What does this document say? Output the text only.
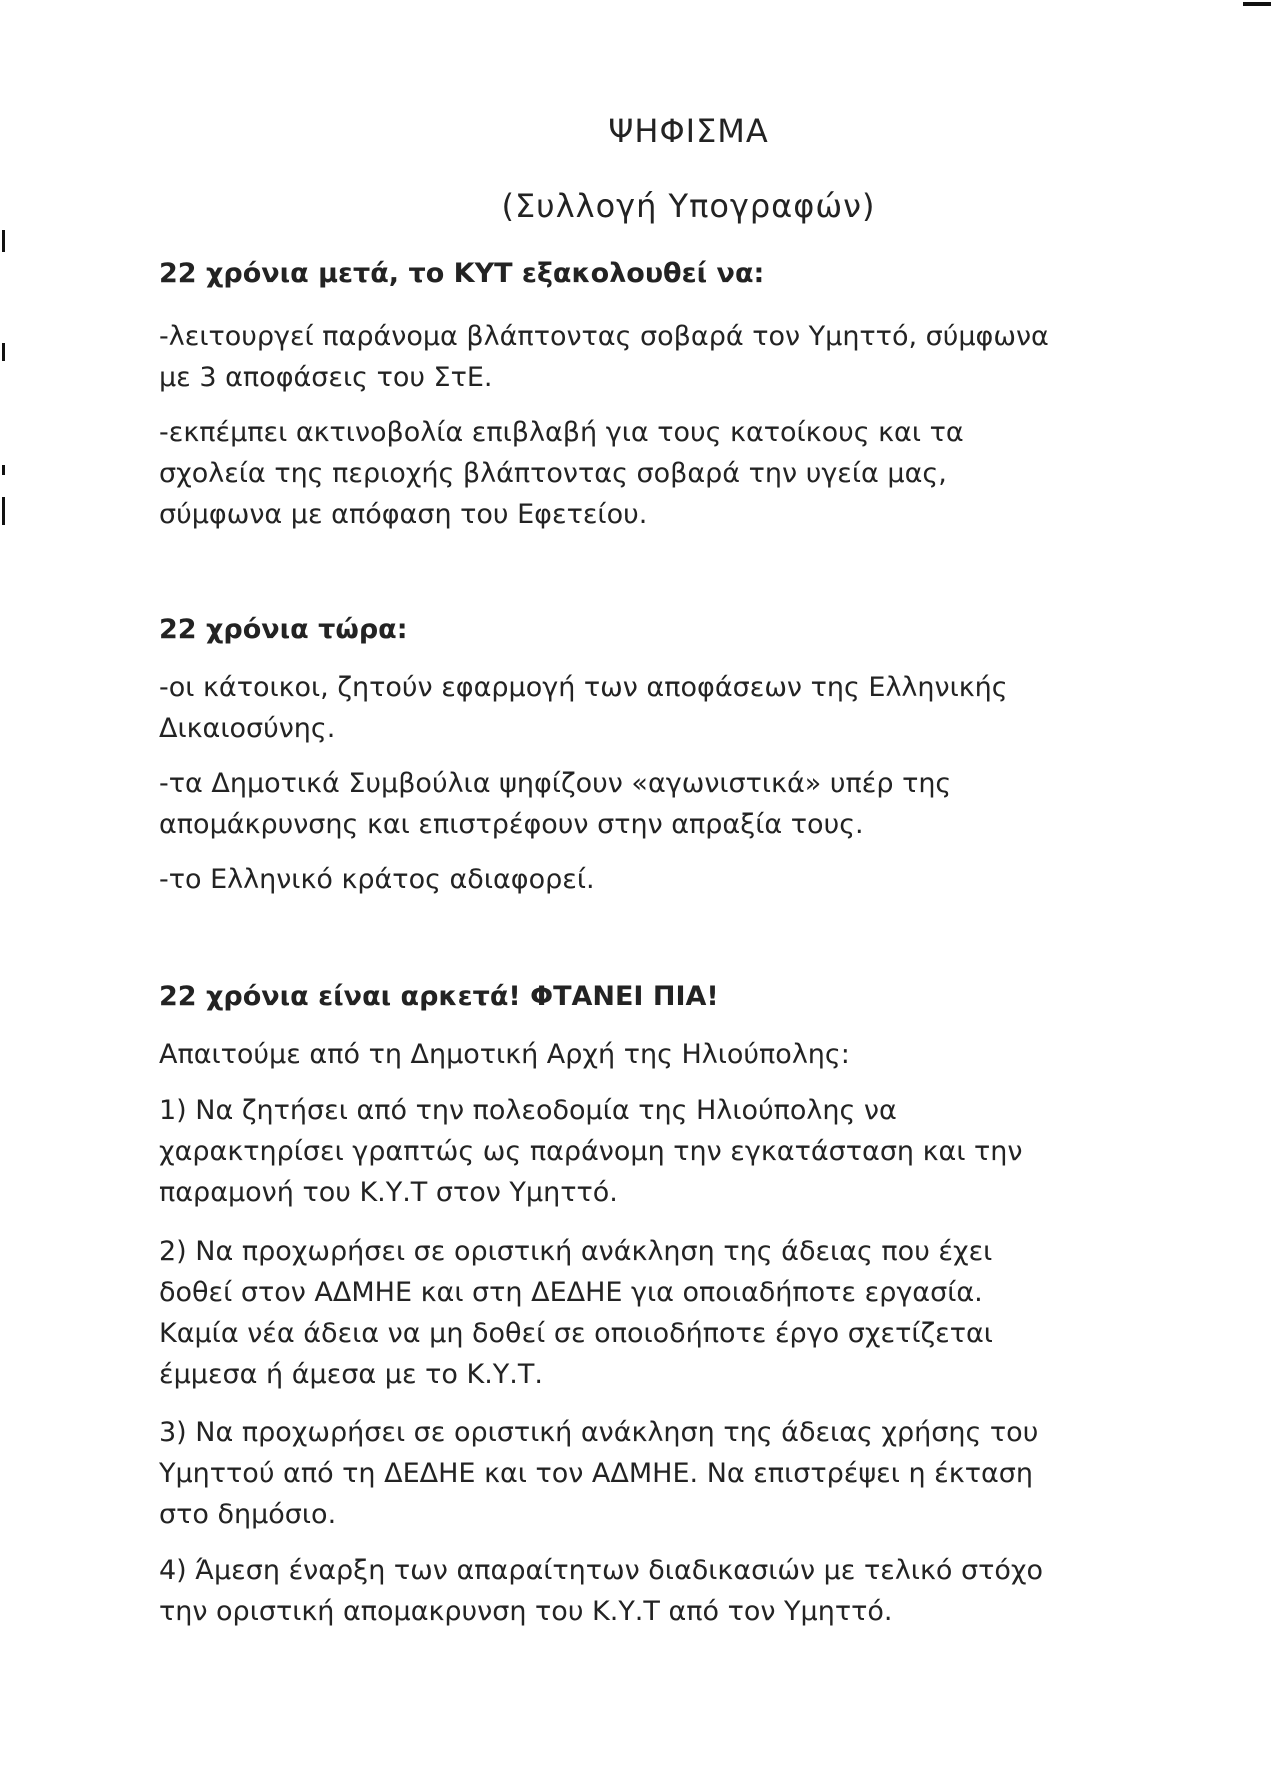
ΨΗΦΙΣΜΑ
(Συλλογή Υπογραφών)

22 χρόνια μετά, το ΚΥΤ εξακολουθεί να:

-λειτουργεί παράνομα βλάπτοντας σοβαρά τον Υμηττό, σύμφωνα

με 3 αποφάσεις του ΣτΕ.

-εκπέμπει ακτινοβολία επιβλαβή για τους κατοίκους και τα

σχολεία της περιοχής βλάπτοντας σοβαρά την υγεία μας,

σύμφωνα με απόφαση του Εφετείου.

22 χρόνια τώρα:

-οι κάτοικοι, ζητούν εφαρμογή των αποφάσεων της Ελληνικής

Δικαιοσύνης.

-τα Δημοτικά Συμβούλια ψηφίζουν «αγωνιστικά» υπέρ της

απομάκρυνσης και επιστρέφουν στην απραξία τους.

-το Ελληνικό κράτος αδιαφορεί.

22 χρόνια είναι αρκετά! ΦΤΑΝΕΙ ΠΙΑ!

Απαιτούμε από τη Δημοτική Αρχή της Ηλιούπολης:

1) Να ζητήσει από την πολεοδομία της Ηλιούπολης να

χαρακτηρίσει γραπτώς ως παράνομη την εγκατάσταση και την

παραμονή του Κ.Υ.Τ στον Υμηττό.

2) Να προχωρήσει σε οριστική ανάκληση της άδειας που έχει

δοθεί στον ΑΔΜΗΕ και στη ΔΕΔΗΕ για οποιαδήποτε εργασία.

Καμία νέα άδεια να μη δοθεί σε οποιοδήποτε έργο σχετίζεται

έμμεσα ή άμεσα με το Κ.Υ.Τ.

3) Να προχωρήσει σε οριστική ανάκληση της άδειας χρήσης του

Υμηττού από τη ΔΕΔΗΕ και τον ΑΔΜΗΕ. Να επιστρέψει η έκταση

στο δημόσιο.

4) Άμεση έναρξη των απαραίτητων διαδικασιών με τελικό στόχο

την οριστική απομακρυνση του Κ.Υ.Τ από τον Υμηττό.
